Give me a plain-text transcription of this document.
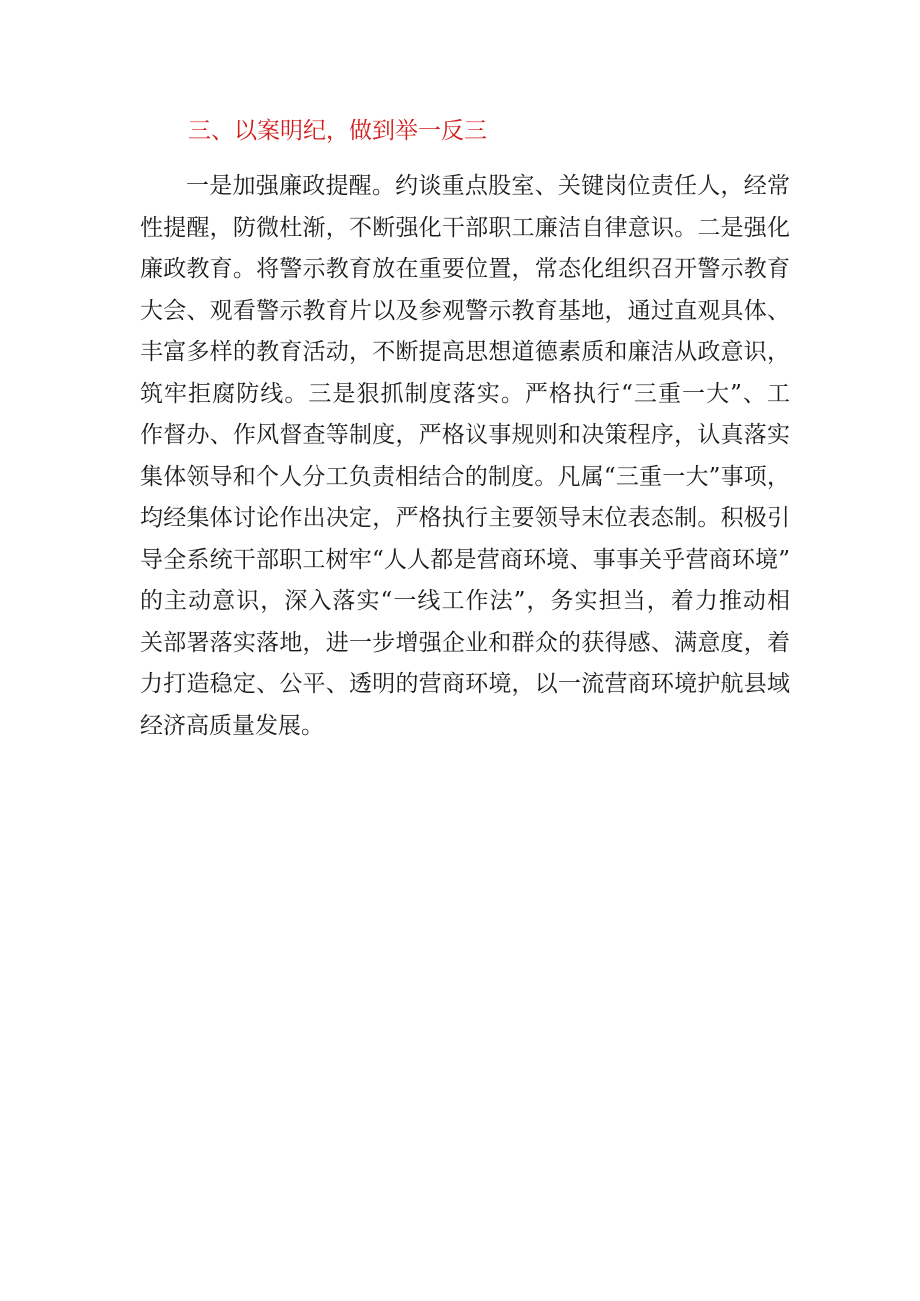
三、以案明纪，做到举一反三
一是加强廉政提醒。约谈重点股室、关键岗位责任人，经常
性提醒，防微杜渐，不断强化干部职工廉洁自律意识。二是强化
廉政教育。将警示教育放在重要位置，常态化组织召开警示教育
大会、观看警示教育片以及参观警示教育基地，通过直观具体、
丰富多样的教育活动，不断提高思想道德素质和廉洁从政意识，
筑牢拒腐防线。三是狠抓制度落实。严格执行“三重一大”、工
作督办、作风督查等制度，严格议事规则和决策程序，认真落实
集体领导和个人分工负责相结合的制度。凡属“三重一大”事项，
均经集体讨论作出决定，严格执行主要领导末位表态制。积极引
导全系统干部职工树牢“人人都是营商环境、事事关乎营商环境”
的主动意识，深入落实“一线工作法”，务实担当，着力推动相
关部署落实落地，进一步增强企业和群众的获得感、满意度，着
力打造稳定、公平、透明的营商环境，以一流营商环境护航县域
经济高质量发展。
